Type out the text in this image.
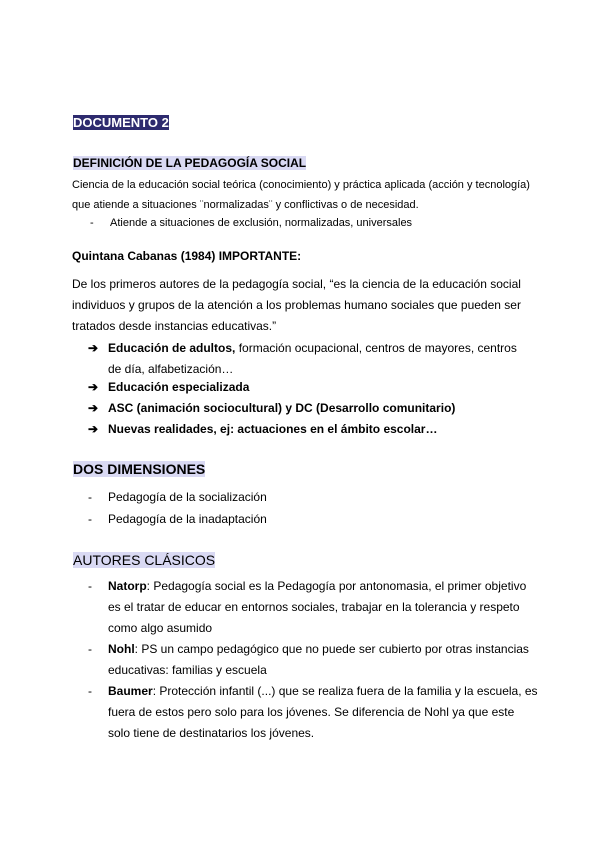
DOCUMENTO 2
DEFINICIÓN DE LA PEDAGOGÍA SOCIAL
Ciencia de la educación social teórica (conocimiento) y práctica aplicada (acción y tecnología) que atiende a situaciones ¨normalizadas¨ y conflictivas o de necesidad.
- Atiende a situaciones de exclusión, normalizadas, universales
Quintana Cabanas (1984) IMPORTANTE:
De los primeros autores de la pedagogía social, “es la ciencia de la educación social individuos y grupos de la atención a los problemas humano sociales que pueden ser tratados desde instancias educativas.”
➔ Educación de adultos, formación ocupacional, centros de mayores, centros de día, alfabetización…
➔ Educación especializada
➔ ASC (animación sociocultural) y DC (Desarrollo comunitario)
➔ Nuevas realidades, ej: actuaciones en el ámbito escolar…
DOS DIMENSIONES
- Pedagogía de la socialización
- Pedagogía de la inadaptación
AUTORES CLÁSICOS
- Natorp: Pedagogía social es la Pedagogía por antonomasia, el primer objetivo es el tratar de educar en entornos sociales, trabajar en la tolerancia y respeto como algo asumido
- Nohl: PS un campo pedagógico que no puede ser cubierto por otras instancias educativas: familias y escuela
- Baumer: Protección infantil (...) que se realiza fuera de la familia y la escuela, es fuera de estos pero solo para los jóvenes. Se diferencia de Nohl ya que este solo tiene de destinatarios los jóvenes.
